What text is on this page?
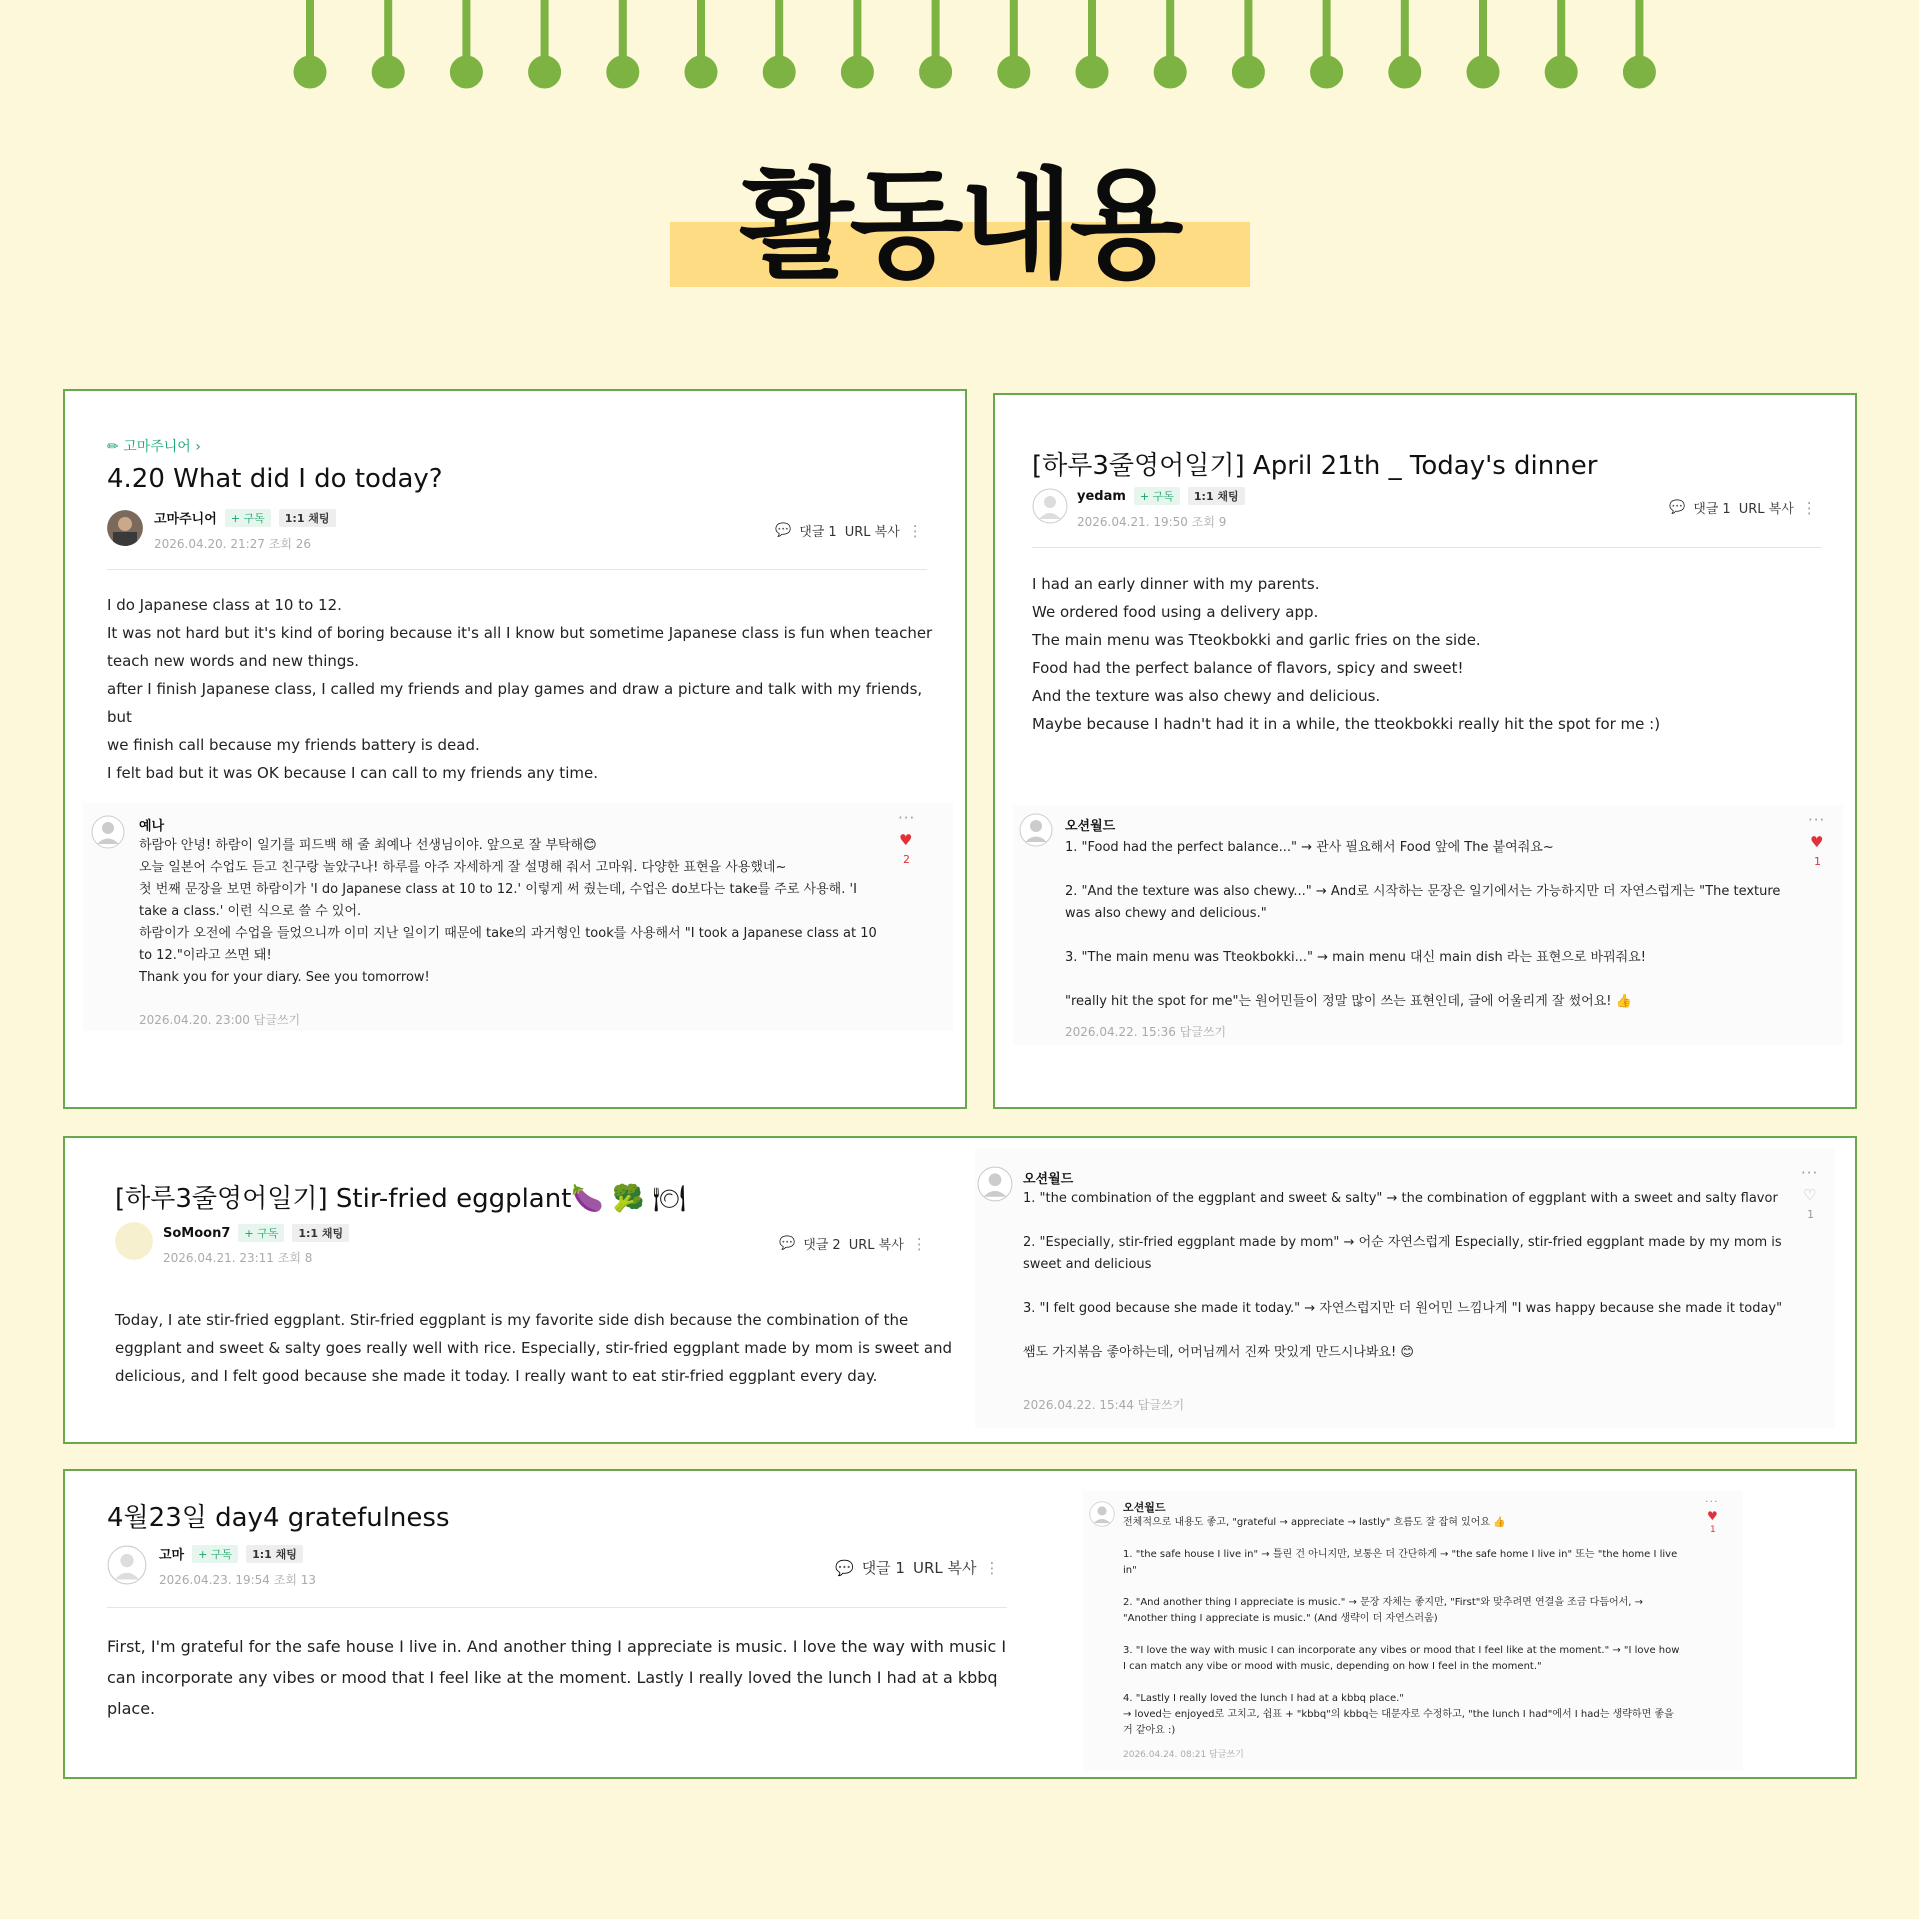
활동내용
✏ 고마주니어 ›
4.20 What did I do today?
고마주니어	+ 구독	1:1 채팅
2026.04.20. 21:27 조회 26
💬 댓글 1 URL 복사 ⋮

I do Japanese class at 10 to 12.

It was not hard but it's kind of boring because it's all I know but sometime Japanese class is fun when teacher

teach new words and new things.

after I finish Japanese class, I called my friends and play games and draw a picture and talk with my friends, but

we finish call because my friends battery is dead.

I felt bad but it was OK because I can call to my friends any time.

예나
하람아 안녕! 하람이 일기를 피드백 해 줄 최예나 선생님이야. 앞으로 잘 부탁해😊
오늘 일본어 수업도 듣고 친구랑 놀았구나! 하루를 아주 자세하게 잘 설명해 줘서 고마워. 다양한 표현을 사용했네~
첫 번째 문장을 보면 하람이가 'I do Japanese class at 10 to 12.' 이렇게 써 줬는데, 수업은 do보다는 take를 주로 사용해. 'I take a class.' 이런 식으로 쓸 수 있어.
하람이가 오전에 수업을 들었으니까 이미 지난 일이기 때문에 take의 과거형인 took를 사용해서 "I took a Japanese class at 10 to 12."이라고 쓰면 돼!
Thank you for your diary. See you tomorrow!
2026.04.20. 23:00 답글쓰기
···
♥
2
[하루3줄영어일기] April 21th _ Today's dinner
yedam	+ 구독	1:1 채팅
2026.04.21. 19:50 조회 9
💬 댓글 1 URL 복사 ⋮

I had an early dinner with my parents.

We ordered food using a delivery app.

The main menu was Tteokbokki and garlic fries on the side.

Food had the perfect balance of flavors, spicy and sweet!

And the texture was also chewy and delicious.

Maybe because I hadn't had it in a while, the tteokbokki really hit the spot for me :)

오션월드
1. "Food had the perfect balance..." → 관사 필요해서 Food 앞에 The 붙여줘요~

2. "And the texture was also chewy..." → And로 시작하는 문장은 일기에서는 가능하지만 더 자연스럽게는 "The texture was also chewy and delicious."

3. "The main menu was Tteokbokki..." → main menu 대신 main dish 라는 표현으로 바꿔줘요!

"really hit the spot for me"는 원어민들이 정말 많이 쓰는 표현인데, 글에 어울리게 잘 썼어요! 👍
2026.04.22. 15:36 답글쓰기
···
♥
1
[하루3줄영어일기] Stir-fried eggplant🍆 🥦 🍽
SoMoon7	+ 구독	1:1 채팅
2026.04.21. 23:11 조회 8
💬 댓글 2 URL 복사 ⋮

Today, I ate stir-fried eggplant. Stir-fried eggplant is my favorite side dish because the combination of the

eggplant and sweet & salty goes really well with rice. Especially, stir-fried eggplant made by mom is sweet and

delicious, and I felt good because she made it today. I really want to eat stir-fried eggplant every day.

오션월드
1. "the combination of the eggplant and sweet & salty" → the combination of eggplant with a sweet and salty flavor

2. "Especially, stir-fried eggplant made by mom" → 어순 자연스럽게 Especially, stir-fried eggplant made by my mom is sweet and delicious

3. "I felt good because she made it today." → 자연스럽지만 더 원어민 느낌나게 "I was happy because she made it today"

쌤도 가지볶음 좋아하는데, 어머님께서 진짜 맛있게 만드시나봐요! 😊
2026.04.22. 15:44 답글쓰기
···
♡
1
4월23일 day4 gratefulness
고마	+ 구독	1:1 채팅
2026.04.23. 19:54 조회 13
💬 댓글 1 URL 복사 ⋮

First, I'm grateful for the safe house I live in. And another thing I appreciate is music. I love the way with music I

can incorporate any vibes or mood that I feel like at the moment. Lastly I really loved the lunch I had at a kbbq

place.

오션월드
전체적으로 내용도 좋고, "grateful → appreciate → lastly" 흐름도 잘 잡혀 있어요 👍

1. "the safe house I live in" → 틀린 건 아니지만, 보통은 더 간단하게 → "the safe home I live in" 또는 "the home I live in"

2. "And another thing I appreciate is music." → 문장 자체는 좋지만, "First"와 맞추려면 연결을 조금 다듬어서, → "Another thing I appreciate is music." (And 생략이 더 자연스러움)

3. "I love the way with music I can incorporate any vibes or mood that I feel like at the moment." → "I love how I can match any vibe or mood with music, depending on how I feel in the moment."

4. "Lastly I really loved the lunch I had at a kbbq place."
→ loved는 enjoyed로 고치고, 쉼표 + "kbbq"의 kbbq는 대문자로 수정하고, "the lunch I had"에서 I had는 생략하면 좋을 거 같아요 :)
2026.04.24. 08:21 답글쓰기
···
♥
1
